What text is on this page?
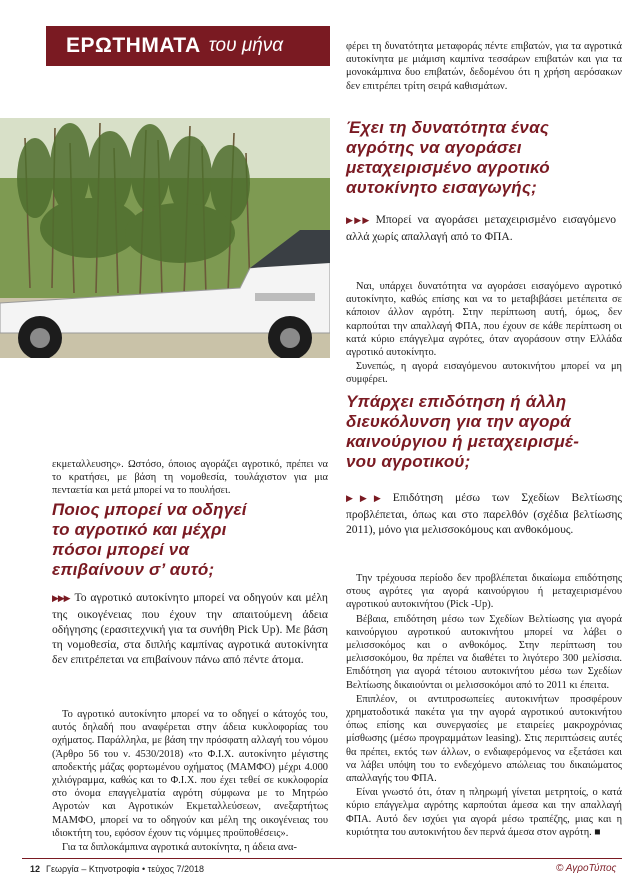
ΕΡΩΤΗΜΑΤΑ του μήνα
εκμεταλλευσης». Ωστόσο, όποιος αγοράζει αγροτικό, πρέπει να το κρατήσει, με βάση τη νομοθεσία, τουλάχιστον για μια πενταετία και μετά μπορεί να το πουλήσει.
Ποιος μπορεί να οδηγεί
το αγροτικό και μέχρι
πόσοι μπορεί να
επιβαίνουν σ’ αυτό;
▶▶▶ Το αγροτικό αυτοκίνητο μπορεί να οδηγούν και μέλη της οικογένειας που έχουν την απαιτούμενη άδεια οδήγησης (ερασιτεχνική για τα συνήθη Pick Up). Με βάση τη νομοθεσία, στα διπλής καμπίνας αγροτικά αυτοκίνητα δεν επιτρέπεται να επιβαίνουν πάνω από πέντε άτομα.

Το αγροτικό αυτοκίνητο μπορεί να το οδηγεί ο κάτοχός του, αυτός δηλαδή που αναφέρεται στην άδεια κυκλοφορίας του οχήματος. Παράλληλα, με βάση την πρόσφατη αλλαγή του νόμου (Άρθρο 56 του ν. 4530/2018) «το Φ.Ι.Χ. αυτοκίνητο μέγιστης αποδεκτής μάζας φορτωμένου οχήματος (ΜΑΜΦΟ) μέχρι 4.000 χιλιόγραμμα, καθώς και το Φ.Ι.Χ. που έχει τεθεί σε κυκλοφορία στο όνομα επαγγελματία αγρότη σύμφωνα με το Μητρώο Αγροτών και Αγροτικών Εκμεταλλεύσεων, ανεξαρτήτως ΜΑΜΦΟ, μπορεί να το οδηγούν και μέλη της οικογένειας του ιδιοκτήτη του, εφόσον έχουν τις νόμιμες προϋποθέσεις».

Για τα διπλοκάμπινα αγροτικά αυτοκίνητα, η άδεια ανα-

φέρει τη δυνατότητα μεταφοράς πέντε επιβατών, για τα αγροτικά αυτοκίνητα με μιάμιση καμπίνα τεσσάρων επιβατών και για τα μονοκάμπινα δυο επιβατών, δεδομένου ότι η χρήση αερόσακων δεν επιτρέπει τρίτη σειρά καθισμάτων.
Έχει τη δυνατότητα ένας
αγρότης να αγοράσει
μεταχειρισμένο αγροτικό
αυτοκίνητο εισαγωγής;
▶▶▶ Μπορεί να αγοράσει μεταχειρισμένο εισαγόμενο αλλά χωρίς απαλλαγή από το ΦΠΑ.

Ναι, υπάρχει δυνατότητα να αγοράσει εισαγόμενο αγροτικό αυτοκίνητο, καθώς επίσης και να το μεταβιβάσει μετέπειτα σε κάποιον άλλον αγρότη. Στην περίπτωση αυτή, όμως, δεν καρπούται την απαλλαγή ΦΠΑ, που έχουν σε κάθε περίπτωση οι κατά κύριο επάγγελμα αγρότες, όταν αγοράσουν στην Ελλάδα αγροτικό αυτοκίνητο.

Συνεπώς, η αγορά εισαγόμενου αυτοκινήτου μπορεί να μη συμφέρει.

Υπάρχει επιδότηση ή άλλη
διευκόλυνση για την αγορά
καινούργιου ή μεταχειρισμέ-
νου αγροτικού;
▶▶▶ Επιδότηση μέσω των Σχεδίων Βελτίωσης προβλέπεται, όπως και στο παρελθόν (σχέδια βελτίωσης 2011), μόνο για μελισσοκόμους και ανθοκόμους.

Την τρέχουσα περίοδο δεν προβλέπεται δικαίωμα επιδότησης στους αγρότες για αγορά καινούργιου ή μεταχειρισμένου αγροτικού αυτοκινήτου (Pick -Up).

Βέβαια, επιδότηση μέσω των Σχεδίων Βελτίωσης για αγορά καινούργιου αγροτικού αυτοκινήτου μπορεί να λάβει ο μελισσοκόμος και ο ανθοκόμος. Στην περίπτωση του μελισσοκόμου, θα πρέπει να διαθέτει το λιγότερο 300 μελίσσια. Επιδότηση για αγορά τέτοιου αυτοκινήτου μέσω των Σχεδίων Βελτίωσης δικαιούνται οι μελισσοκόμοι από το 2011 κι έπειτα.

Επιπλέον, οι αντιπροσωπείες αυτοκινήτων προσφέρουν χρηματοδοτικά πακέτα για την αγορά αγροτικού αυτοκινήτου όπως επίσης και συνεργασίες με εταιρείες μακροχρόνιας μίσθωσης (μέσω προγραμμάτων leasing). Στις περιπτώσεις αυτές θα πρέπει, εκτός των άλλων, ο ενδιαφερόμενος να εξετάσει και να λάβει υπόψη του το ενδεχόμενο απώλειας του δικαιώματος απαλλαγής του ΦΠΑ.

Είναι γνωστό ότι, όταν η πληρωμή γίνεται μετρητοίς, ο κατά κύριο επάγγελμα αγρότης καρπούται άμεσα και την απαλλαγή ΦΠΑ. Αυτό δεν ισχύει για αγορά μέσω τραπέζης, μιας και η κυριότητα του αυτοκινήτου δεν περνά άμεσα στον αγρότη. ■

12 Γεωργία – Κτηνοτροφία • τεύχος 7/2018	© ΑγροΤύπος
